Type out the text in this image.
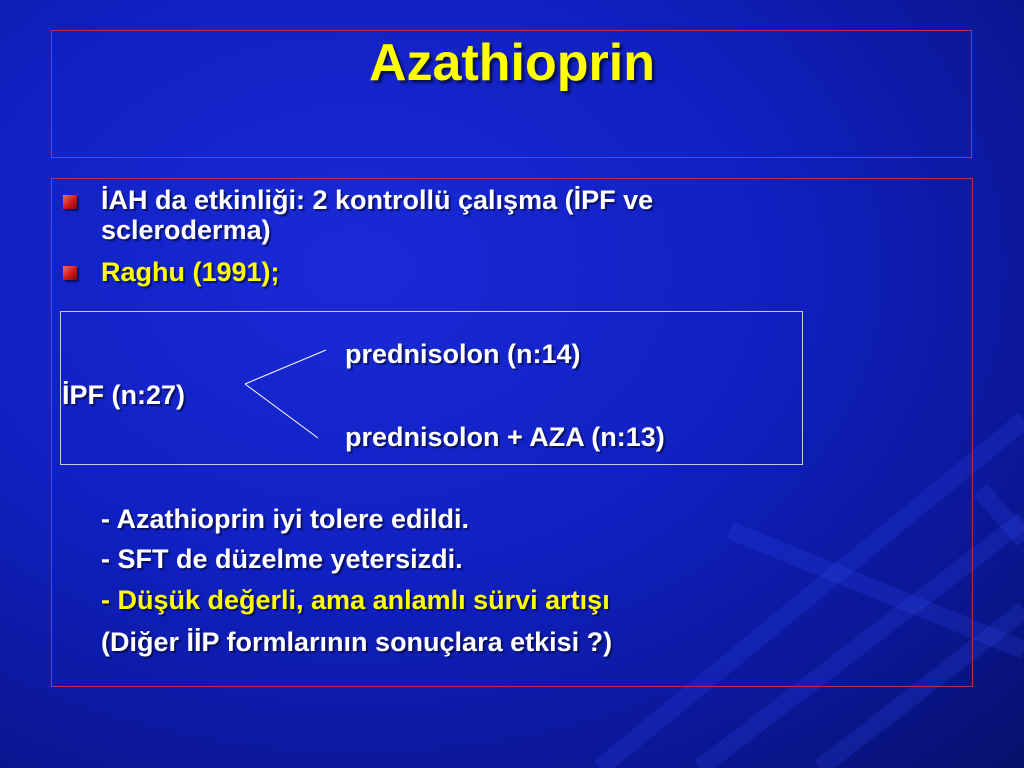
Azathioprin
İAH da etkinliği: 2 kontrollü çalışma (İPF ve
scleroderma)
Raghu (1991);
prednisolon (n:14)
İPF (n:27)
prednisolon + AZA (n:13)
- Azathioprin iyi tolere edildi.
- SFT de düzelme yetersizdi.
- Düşük değerli, ama anlamlı sürvi artışı
(Diğer İİP formlarının sonuçlara etkisi ?)
